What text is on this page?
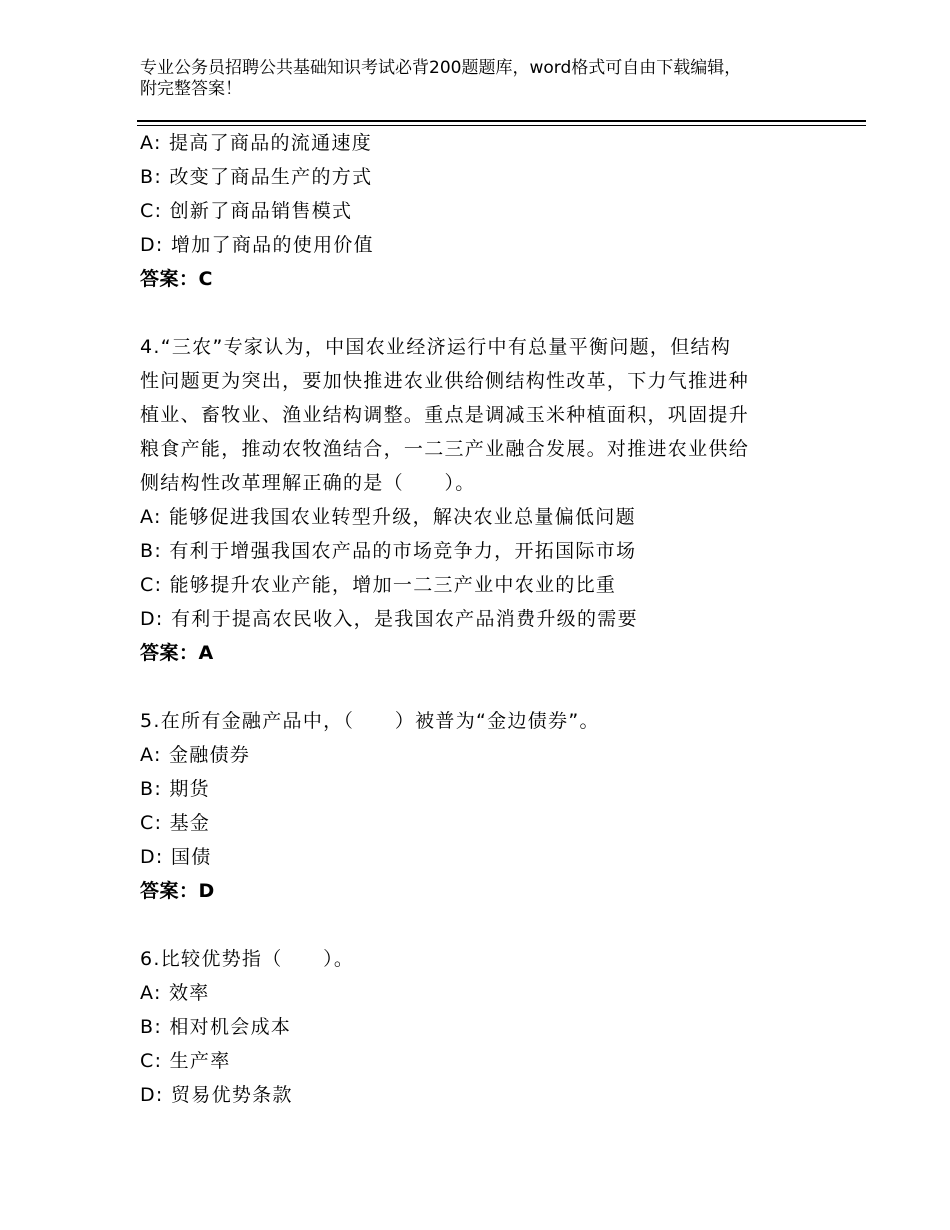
专业公务员招聘公共基础知识考试必背200题题库，word格式可自由下载编辑，
附完整答案！
A: 提高了商品的流通速度
B: 改变了商品生产的方式
C: 创新了商品销售模式
D: 增加了商品的使用价值
答案：C
4.“三农”专家认为，中国农业经济运行中有总量平衡问题，但结构
性问题更为突出，要加快推进农业供给侧结构性改革，下力气推进种
植业、畜牧业、渔业结构调整。重点是调减玉米种植面积，巩固提升
粮食产能，推动农牧渔结合，一二三产业融合发展。对推进农业供给
侧结构性改革理解正确的是（　　）。
A: 能够促进我国农业转型升级，解决农业总量偏低问题
B: 有利于增强我国农产品的市场竞争力，开拓国际市场
C: 能够提升农业产能，增加一二三产业中农业的比重
D: 有利于提高农民收入，是我国农产品消费升级的需要
答案：A
5.在所有金融产品中，（　　）被普为“金边债券”。
A: 金融债券
B: 期货
C: 基金
D: 国债
答案：D
6.比较优势指（　　）。
A: 效率
B: 相对机会成本
C: 生产率
D: 贸易优势条款
